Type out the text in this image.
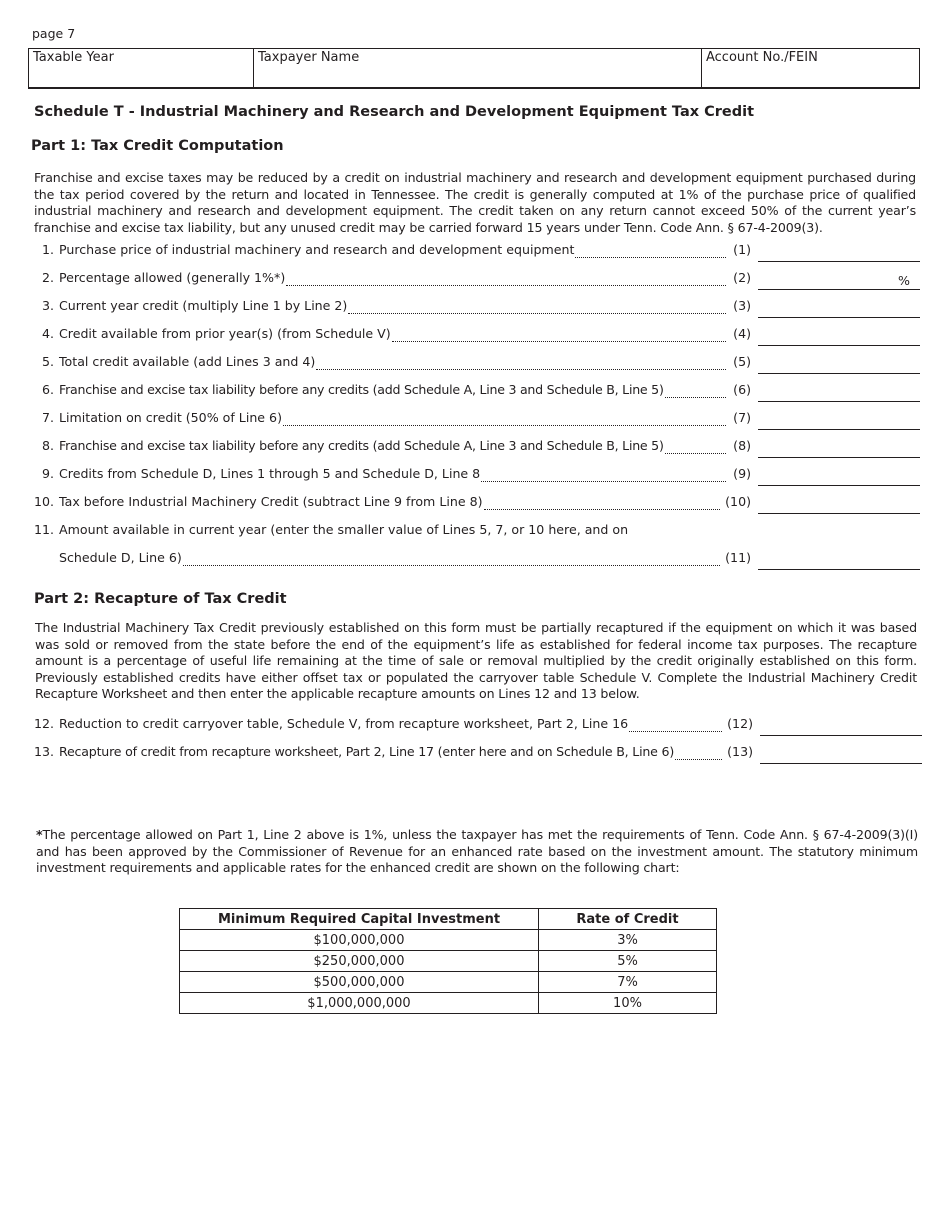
page 7
Taxable Year	Taxpayer Name	Account No./FEIN
Schedule T - Industrial Machinery and Research and Development Equipment Tax Credit
Part 1: Tax Credit Computation
Franchise and excise taxes may be reduced by a credit on industrial machinery and research and development equipment purchased during the tax period covered by the return and located in Tennessee. The credit is generally computed at 1% of the purchase price of qualified industrial machinery and research and development equipment. The credit taken on any return cannot exceed 50% of the current year’s franchise and excise tax liability, but any unused credit may be carried forward 15 years under Tenn. Code Ann. § 67-4-2009(3).
1. Purchase price of industrial machinery and research and development equipment	(1)
2. Percentage allowed (generally 1%*)	(2)	%
3. Current year credit (multiply Line 1 by Line 2)	(3)
4. Credit available from prior year(s) (from Schedule V)	(4)
5. Total credit available (add Lines 3 and 4)	(5)
6. Franchise and excise tax liability before any credits (add Schedule A, Line 3 and Schedule B, Line 5)	(6)
7. Limitation on credit (50% of Line 6)	(7)
8. Franchise and excise tax liability before any credits (add Schedule A, Line 3 and Schedule B, Line 5)	(8)
9. Credits from Schedule D, Lines 1 through 5 and Schedule D, Line 8	(9)
10. Tax before Industrial Machinery Credit (subtract Line 9 from Line 8)	(10)
11. Amount available in current year (enter the smaller value of Lines 5, 7, or 10 here, and on
Schedule D, Line 6)	(11)
Part 2: Recapture of Tax Credit
The Industrial Machinery Tax Credit previously established on this form must be partially recaptured if the equipment on which it was based was sold or removed from the state before the end of the equipment’s life as established for federal income tax purposes. The recapture amount is a percentage of useful life remaining at the time of sale or removal multiplied by the credit originally established on this form. Previously established credits have either offset tax or populated the carryover table Schedule V. Complete the Industrial Machinery Credit Recapture Worksheet and then enter the applicable recapture amounts on Lines 12 and 13 below.
12. Reduction to credit carryover table, Schedule V, from recapture worksheet, Part 2, Line 16	(12)
13. Recapture of credit from recapture worksheet, Part 2, Line 17 (enter here and on Schedule B, Line 6)	(13)
*The percentage allowed on Part 1, Line 2 above is 1%, unless the taxpayer has met the requirements of Tenn. Code Ann. § 67-4-2009(3)(I) and has been approved by the Commissioner of Revenue for an enhanced rate based on the investment amount. The statutory minimum investment requirements and applicable rates for the enhanced credit are shown on the following chart:
Minimum Required Capital Investment	Rate of Credit
$100,000,000	3%
$250,000,000	5%
$500,000,000	7%
$1,000,000,000	10%
